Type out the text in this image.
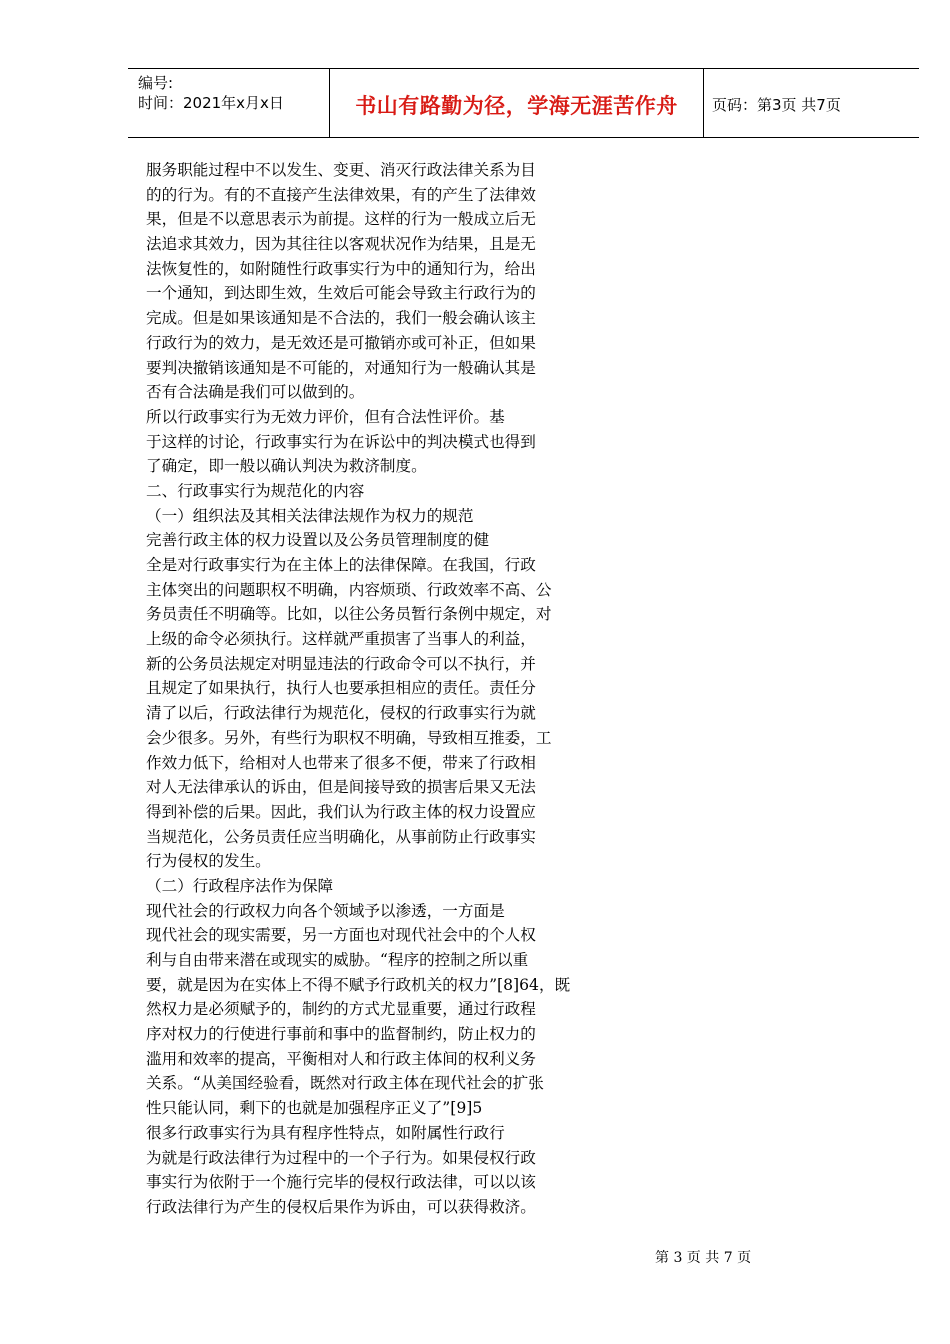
编号:
时间：2021年x月x日	书山有路勤为径，学海无涯苦作舟	页码：第3页 共7页
服务职能过程中不以发生、变更、消灭行政法律关系为目
的的行为。有的不直接产生法律效果，有的产生了法律效
果，但是不以意思表示为前提。这样的行为一般成立后无
法追求其效力，因为其往往以客观状况作为结果，且是无
法恢复性的，如附随性行政事实行为中的通知行为，给出
一个通知，到达即生效，生效后可能会导致主行政行为的
完成。但是如果该通知是不合法的，我们一般会确认该主
行政行为的效力，是无效还是可撤销亦或可补正，但如果
要判决撤销该通知是不可能的，对通知行为一般确认其是
否有合法确是我们可以做到的。
所以行政事实行为无效力评价，但有合法性评价。基
于这样的讨论，行政事实行为在诉讼中的判决模式也得到
了确定，即一般以确认判决为救济制度。
二、行政事实行为规范化的内容
（一）组织法及其相关法律法规作为权力的规范
完善行政主体的权力设置以及公务员管理制度的健
全是对行政事实行为在主体上的法律保障。在我国，行政
主体突出的问题职权不明确，内容烦琐、行政效率不高、公
务员责任不明确等。比如，以往公务员暂行条例中规定，对
上级的命令必须执行。这样就严重损害了当事人的利益，
新的公务员法规定对明显违法的行政命令可以不执行，并
且规定了如果执行，执行人也要承担相应的责任。责任分
清了以后，行政法律行为规范化，侵权的行政事实行为就
会少很多。另外，有些行为职权不明确，导致相互推委，工
作效力低下，给相对人也带来了很多不便，带来了行政相
对人无法律承认的诉由，但是间接导致的损害后果又无法
得到补偿的后果。因此，我们认为行政主体的权力设置应
当规范化，公务员责任应当明确化，从事前防止行政事实
行为侵权的发生。
（二）行政程序法作为保障
现代社会的行政权力向各个领域予以渗透，一方面是
现代社会的现实需要，另一方面也对现代社会中的个人权
利与自由带来潜在或现实的威胁。“程序的控制之所以重
要，就是因为在实体上不得不赋予行政机关的权力”[8]64，既
然权力是必须赋予的，制约的方式尤显重要，通过行政程
序对权力的行使进行事前和事中的监督制约，防止权力的
滥用和效率的提高，平衡相对人和行政主体间的权利义务
关系。“从美国经验看，既然对行政主体在现代社会的扩张
性只能认同，剩下的也就是加强程序正义了”[9]5
很多行政事实行为具有程序性特点，如附属性行政行
为就是行政法律行为过程中的一个子行为。如果侵权行政
事实行为依附于一个施行完毕的侵权行政法律，可以以该
行政法律行为产生的侵权后果作为诉由，可以获得救济。
第 3 页 共 7 页
